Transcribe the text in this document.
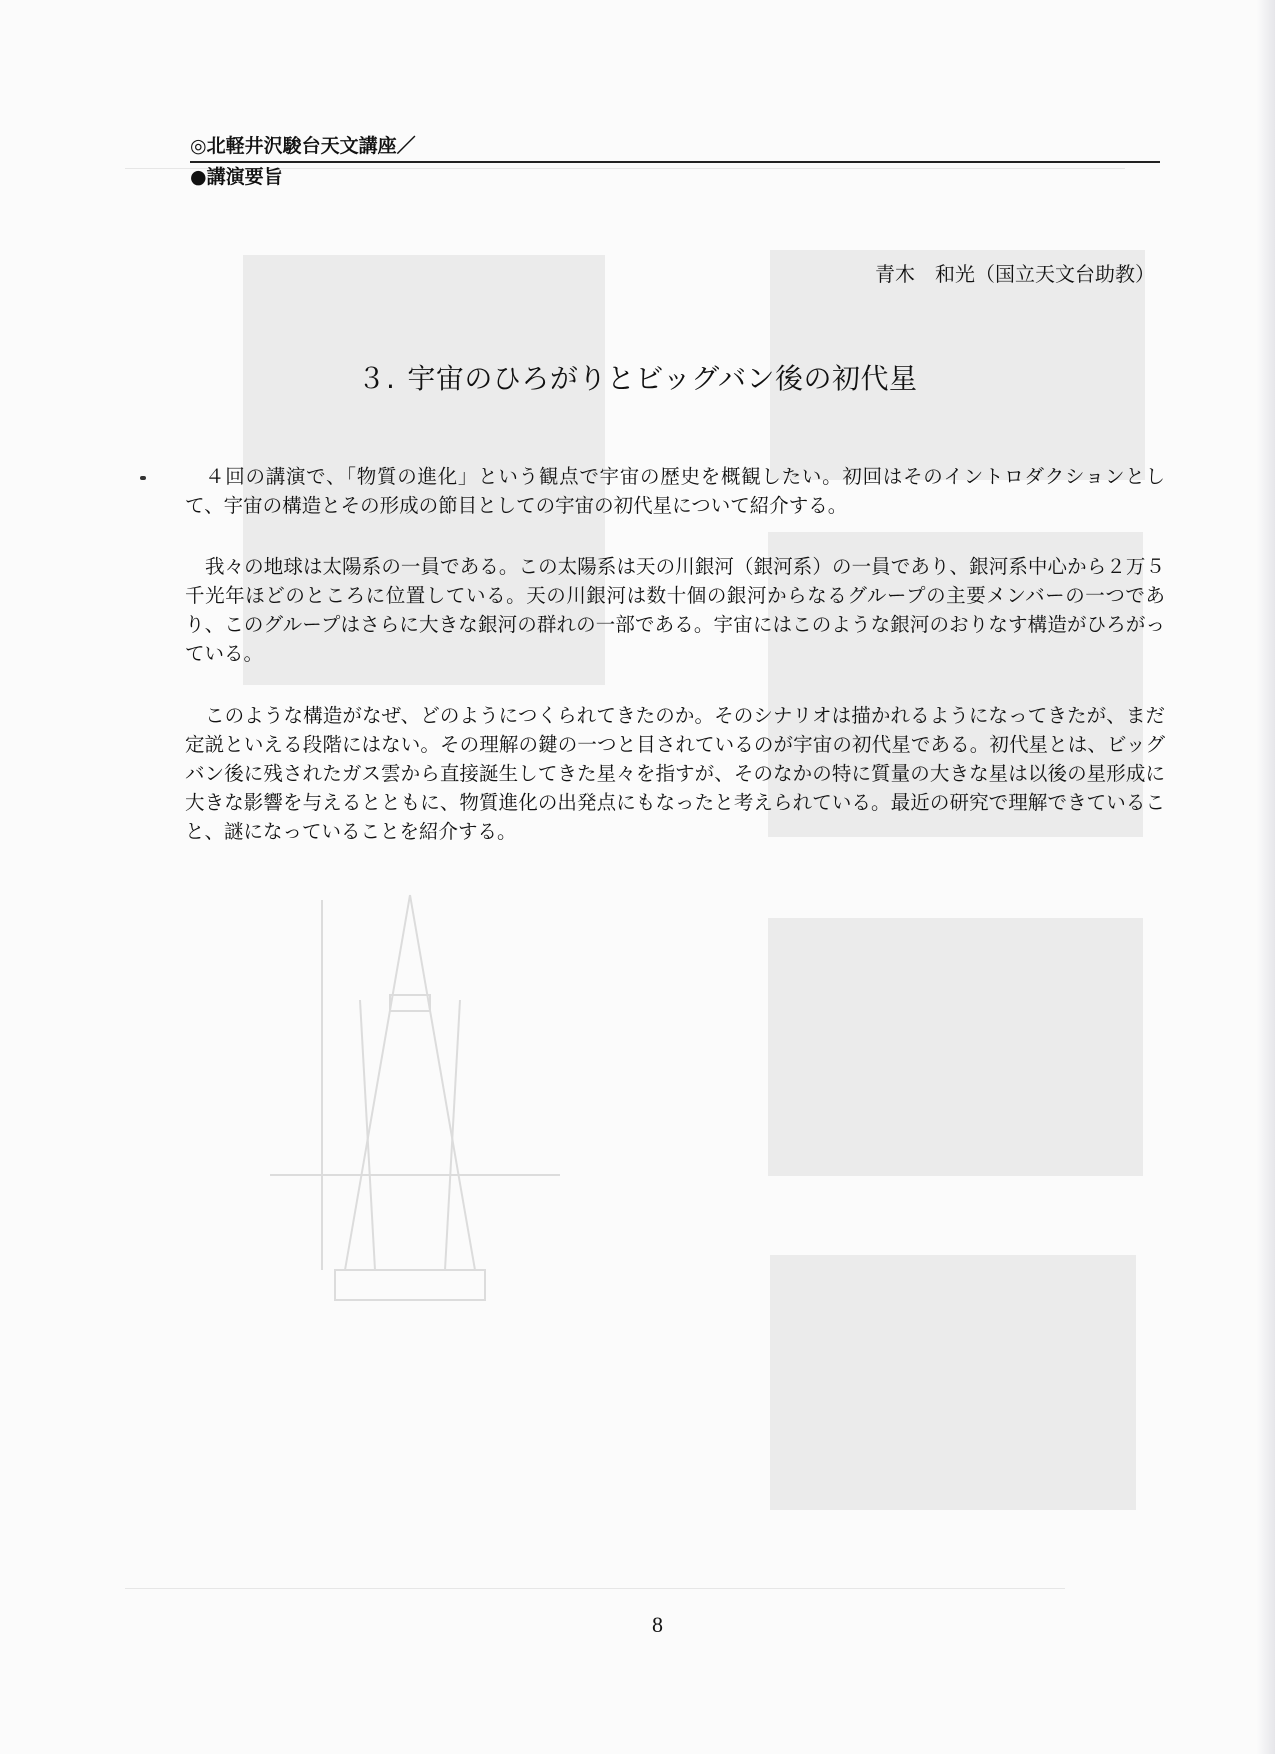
◎北軽井沢駿台天文講座／
●講演要旨
青木　和光（国立天文台助教）
３. 宇宙のひろがりとビッグバン後の初代星
４回の講演で、「物質の進化」という観点で宇宙の歴史を概観したい。初回はそのイントロダクションとして、宇宙の構造とその形成の節目としての宇宙の初代星について紹介する。
我々の地球は太陽系の一員である。この太陽系は天の川銀河（銀河系）の一員であり、銀河系中心から２万５千光年ほどのところに位置している。天の川銀河は数十個の銀河からなるグループの主要メンバーの一つであり、このグループはさらに大きな銀河の群れの一部である。宇宙にはこのような銀河のおりなす構造がひろがっている。
このような構造がなぜ、どのようにつくられてきたのか。そのシナリオは描かれるようになってきたが、まだ定説といえる段階にはない。その理解の鍵の一つと目されているのが宇宙の初代星である。初代星とは、ビッグバン後に残されたガス雲から直接誕生してきた星々を指すが、そのなかの特に質量の大きな星は以後の星形成に大きな影響を与えるとともに、物質進化の出発点にもなったと考えられている。最近の研究で理解できていること、謎になっていることを紹介する。
8
